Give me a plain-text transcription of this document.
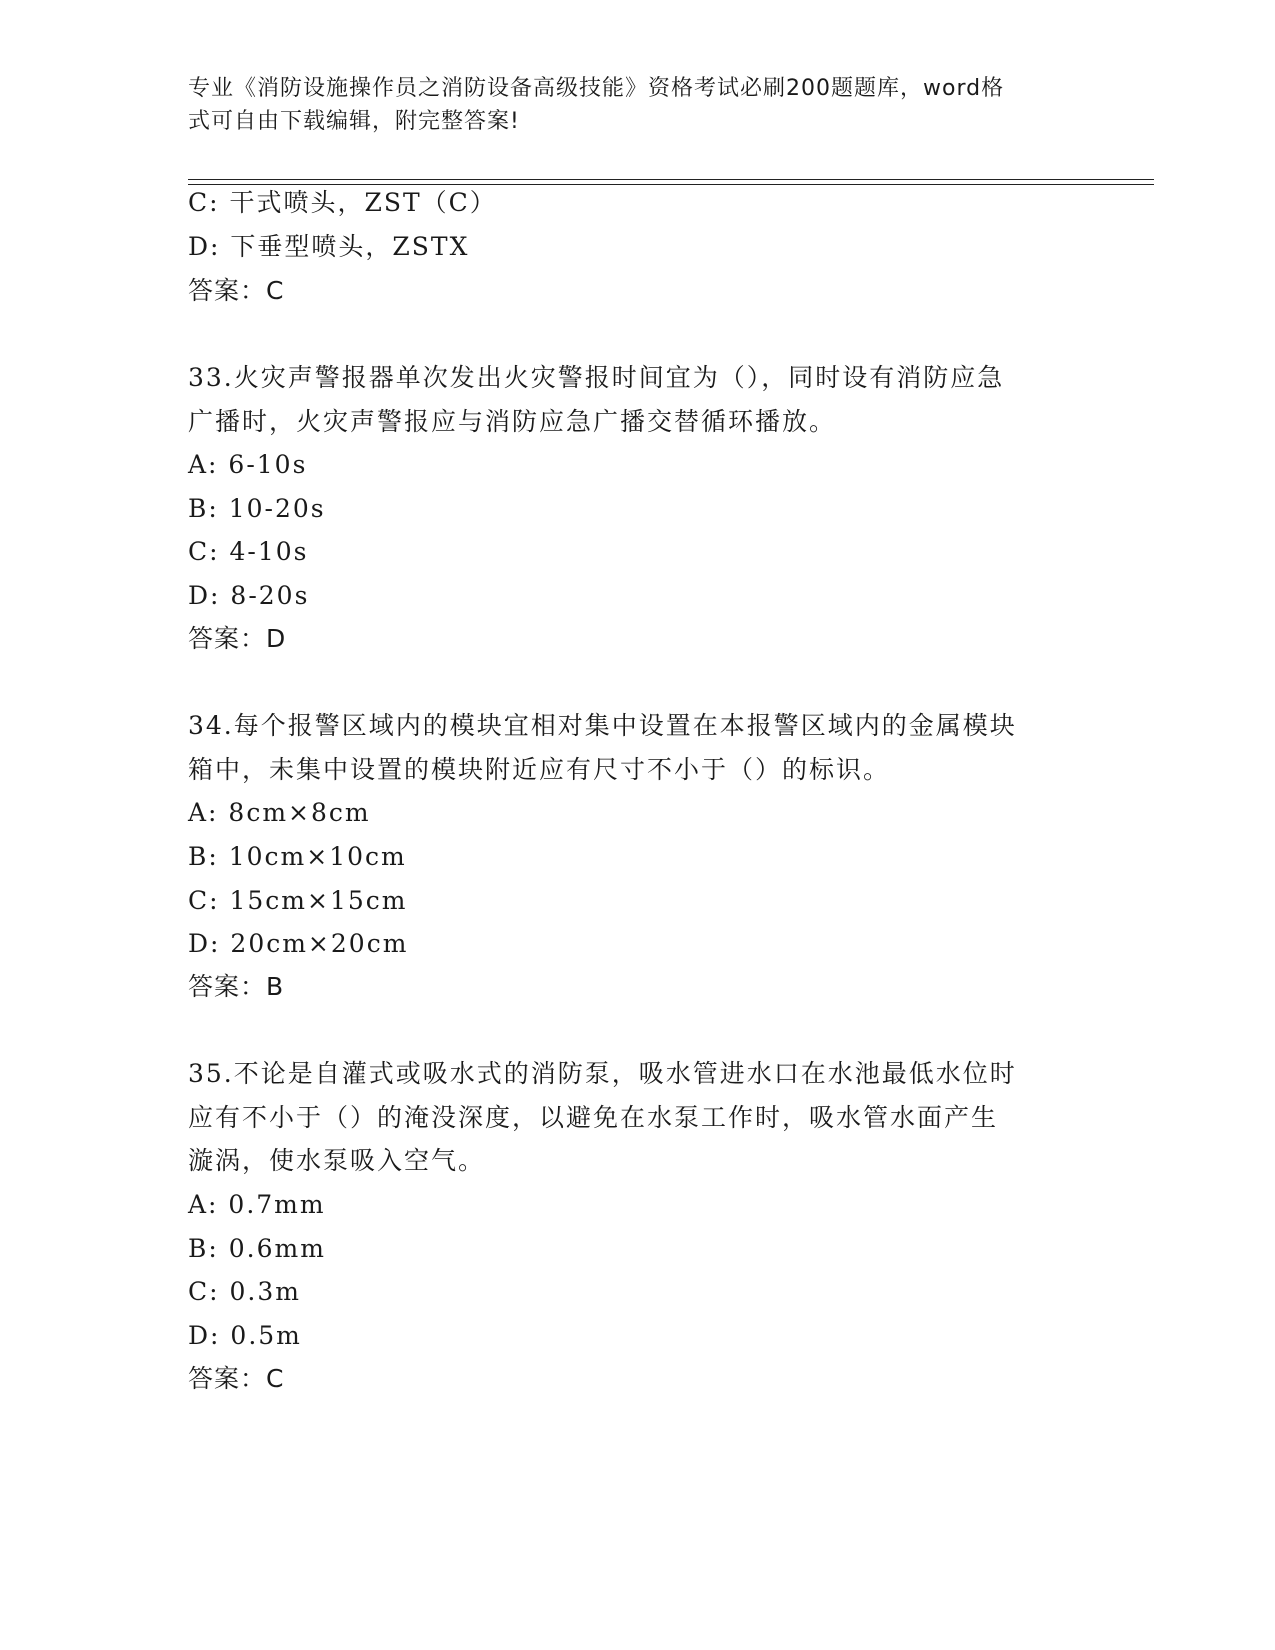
专业《消防设施操作员之消防设备高级技能》资格考试必刷200题题库，word格
式可自由下载编辑，附完整答案!
C: 干式喷头，ZST（C）
D: 下垂型喷头，ZSTX
答案：C
33.火灾声警报器单次发出火灾警报时间宜为（），同时设有消防应急
广播时，火灾声警报应与消防应急广播交替循环播放。
A: 6-10s
B: 10-20s
C: 4-10s
D: 8-20s
答案：D
34.每个报警区域内的模块宜相对集中设置在本报警区域内的金属模块
箱中，未集中设置的模块附近应有尺寸不小于（）的标识。
A: 8cm×8cm
B: 10cm×10cm
C: 15cm×15cm
D: 20cm×20cm
答案：B
35.不论是自灌式或吸水式的消防泵，吸水管进水口在水池最低水位时
应有不小于（）的淹没深度，以避免在水泵工作时，吸水管水面产生
漩涡，使水泵吸入空气。
A: 0.7mm
B: 0.6mm
C: 0.3m
D: 0.5m
答案：C
